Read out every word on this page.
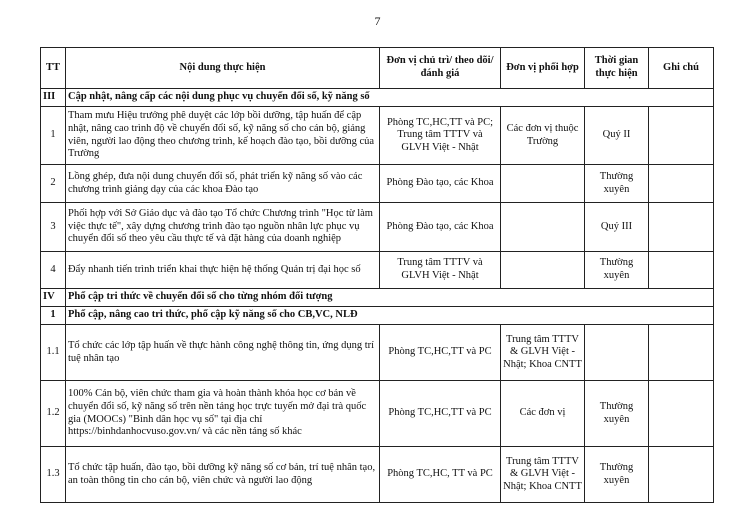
7
TT	Nội dung thực hiện	Đơn vị chủ trì/ theo dõi/ đánh giá	Đơn vị phối hợp	Thời gian thực hiện	Ghi chú
III	Cập nhật, nâng cấp các nội dung phục vụ chuyển đổi số, kỹ năng số				
1	Tham mưu Hiệu trưởng phê duyệt các lớp bồi dưỡng, tập huấn để cập nhật, nâng cao trình độ về chuyển đổi số, kỹ năng số cho cán bộ, giảng viên, người lao động theo chương trình, kế hoạch đào tạo, bồi dưỡng của Trường	Phòng TC,HC,TT và PC; Trung tâm TTTV và GLVH Việt - Nhật	Các đơn vị thuộc Trường	Quý II	
2	Lồng ghép, đưa nội dung chuyển đổi số, phát triển kỹ năng số vào các chương trình giảng dạy của các khoa Đào tạo	Phòng Đào tạo, các Khoa		Thường xuyên	
3	Phối hợp với Sở Giáo dục và đào tạo Tổ chức Chương trình "Học từ làm việc thực tế", xây dựng chương trình đào tạo nguồn nhân lực phục vụ chuyển đổi số theo yêu cầu thực tế và đặt hàng của doanh nghiệp	Phòng Đào tạo, các Khoa		Quý III	
4	Đẩy nhanh tiến trình triển khai thực hiện hệ thống Quản trị đại học số	Trung tâm TTTV và GLVH Việt - Nhật		Thường xuyên	
IV	Phổ cập tri thức về chuyển đổi số cho từng nhóm đối tượng				
1	Phổ cập, nâng cao tri thức, phổ cập kỹ năng số cho CB,VC, NLĐ				
1.1	Tổ chức các lớp tập huấn về thực hành công nghệ thông tin, ứng dụng trí tuệ nhân tạo	Phòng TC,HC,TT và PC	Trung tâm TTTV & GLVH Việt - Nhật; Khoa CNTT		
1.2	100% Cán bộ, viên chức tham gia và hoàn thành khóa học cơ bản về chuyển đổi số, kỹ năng số trên nền tảng học trực tuyến mở đại trà quốc gia (MOOCs) "Bình dân học vụ số" tại địa chỉ https://binhdanhocvuso.gov.vn/ và các nền tảng số khác	Phòng TC,HC,TT và PC	Các đơn vị	Thường xuyên	
1.3	Tổ chức tập huấn, đào tạo, bồi dưỡng kỹ năng số cơ bản, trí tuệ nhân tạo, an toàn thông tin cho cán bộ, viên chức và người lao động	Phòng TC,HC, TT và PC	Trung tâm TTTV & GLVH Việt - Nhật; Khoa CNTT	Thường xuyên	
